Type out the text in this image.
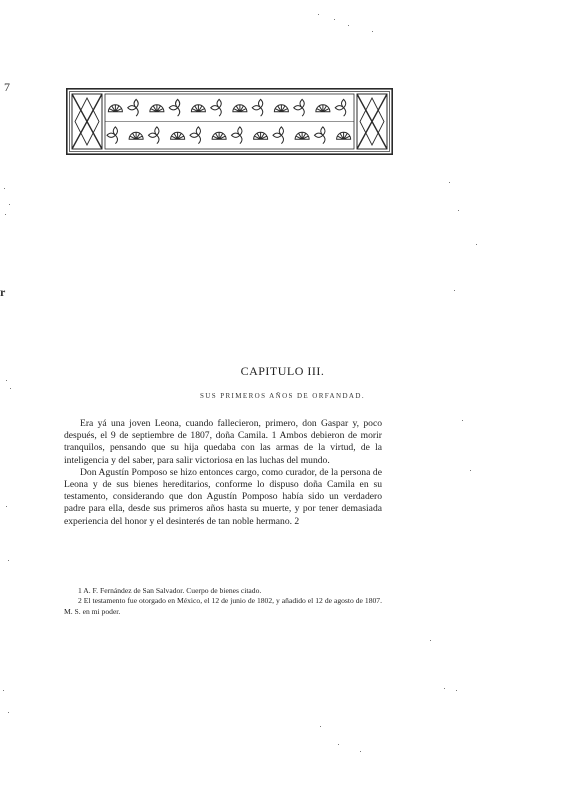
CAPITULO III.
SUS PRIMEROS AÑOS DE ORFANDAD.

Era yá una joven Leona, cuando fallecieron, primero, don Gaspar y, poco después, el 9 de septiembre de 1807, doña Camila. 1 Ambos debieron de morir tranquilos, pensando que su hija quedaba con las armas de la virtud, de la inteligencia y del saber, para salir victoriosa en las luchas del mundo.

Don Agustín Pomposo se hizo entonces cargo, como curador, de la persona de Leona y de sus bienes hereditarios, conforme lo dispuso doña Camila en su testamento, considerando que don Agustín Pomposo había sido un verdadero padre para ella, desde sus primeros años hasta su muerte, y por tener demasiada experiencia del honor y el desinterés de tan noble hermano. 2

1 A. F. Fernández de San Salvador. Cuerpo de bienes citado.

2 El testamento fue otorgado en México, el 12 de junio de 1802, y añadido el 12 de agosto de 1807. M. S. en mi poder.

7
r
